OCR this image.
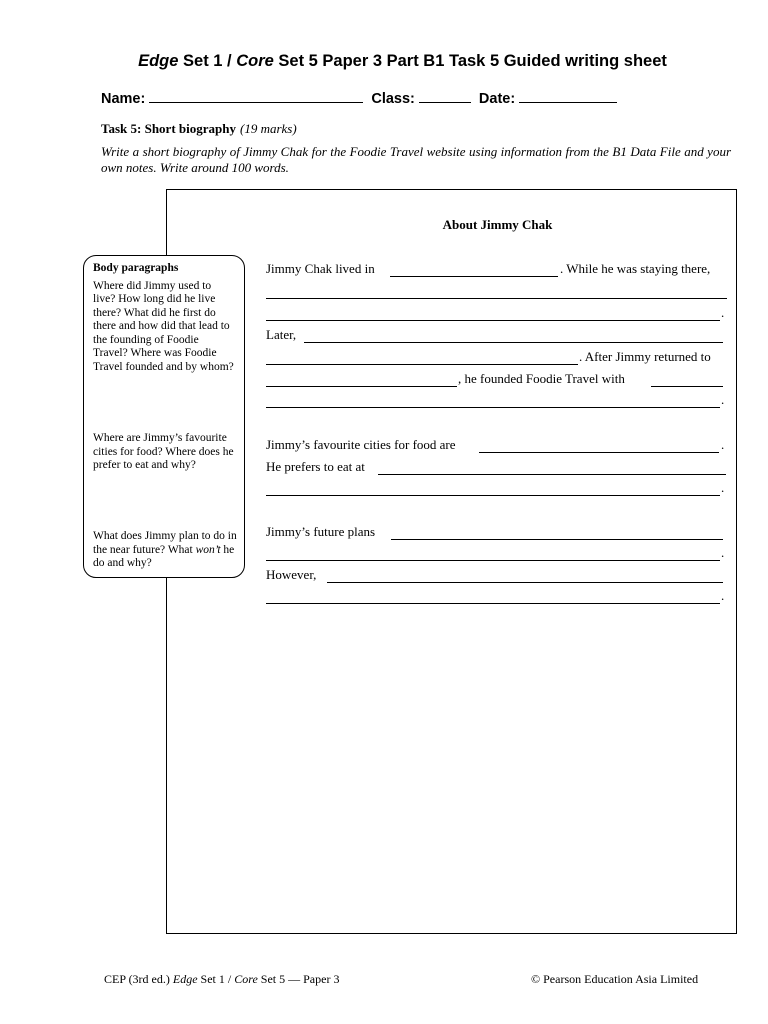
Edge Set 1 / Core Set 5 Paper 3 Part B1 Task 5 Guided writing sheet
Name:	Class:	Date:
Task 5: Short biography (19 marks)
Write a short biography of Jimmy Chak for the Foodie Travel website using information from the B1 Data File and your own notes. Write around 100 words.
About Jimmy Chak
Body paragraphs

Where did Jimmy used to live? How long did he live there? What did he first do there and how did that lead to the founding of Foodie Travel? Where was Foodie Travel founded and by whom?

Where are Jimmy’s favourite cities for food? Where does he prefer to eat and why?

What does Jimmy plan to do in the near future? What won’t he do and why?

Jimmy Chak lived in	. While he was staying there,
.
Later,
. After Jimmy returned to
, he founded Foodie Travel with
.
Jimmy’s favourite cities for food are	.
He prefers to eat at
.
Jimmy’s future plans
.
However,
.
CEP (3rd ed.) Edge Set 1 / Core Set 5 — Paper 3	© Pearson Education Asia Limited
